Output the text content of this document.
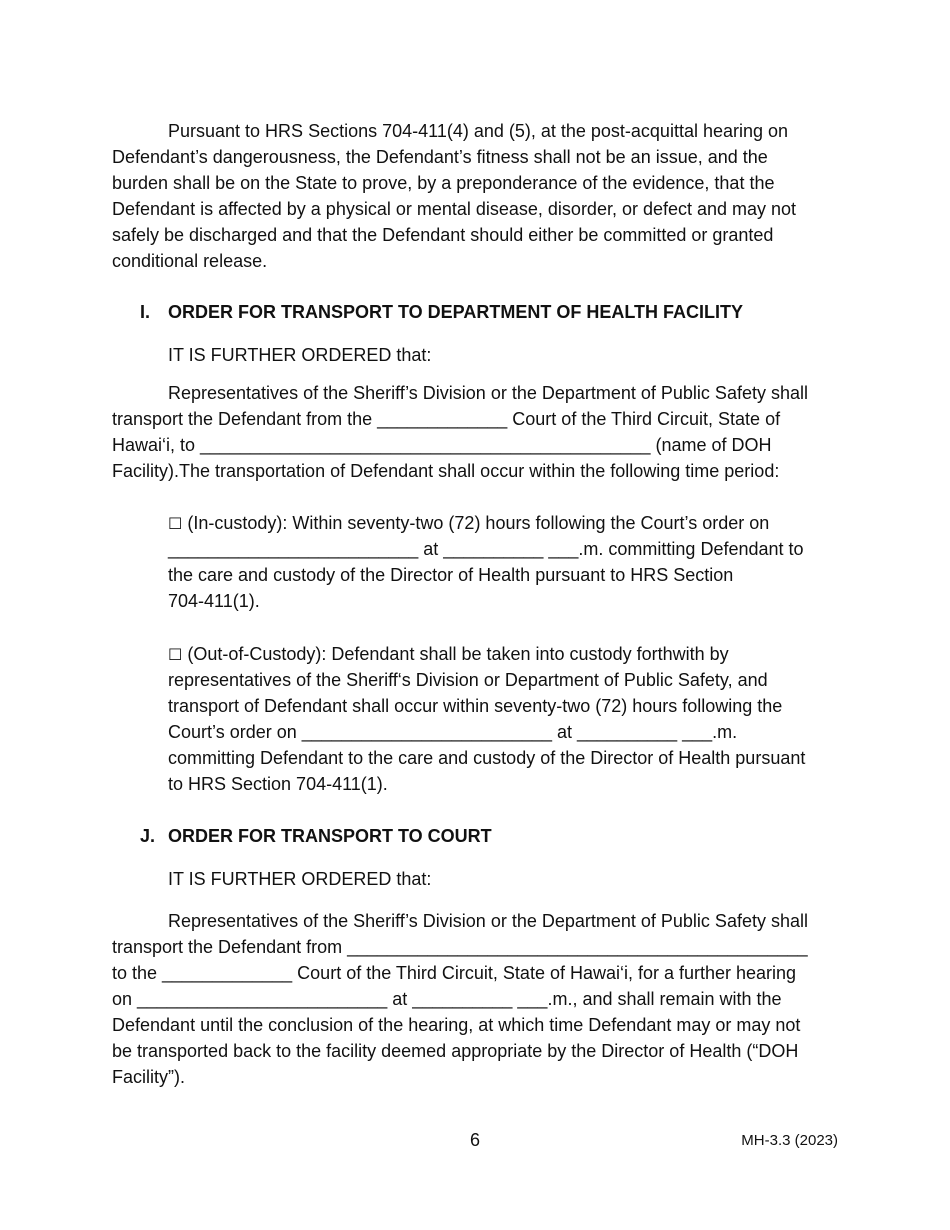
Pursuant to HRS Sections 704-411(4) and (5), at the post-acquittal hearing on
Defendant’s dangerousness, the Defendant’s fitness shall not be an issue, and the
burden shall be on the State to prove, by a preponderance of the evidence, that the
Defendant is affected by a physical or mental disease, disorder, or defect and may not
safely be discharged and that the Defendant should either be committed or granted
conditional release.
I. ORDER FOR TRANSPORT TO DEPARTMENT OF HEALTH FACILITY
IT IS FURTHER ORDERED that:
Representatives of the Sheriff’s Division or the Department of Public Safety shall
transport the Defendant from the _____________ Court of the Third Circuit, State of
Hawai‘i, to _____________________________________________ (name of DOH
Facility).The transportation of Defendant shall occur within the following time period:
☐ (In-custody): Within seventy-two (72) hours following the Court’s order on
_________________________ at __________ ___.m. committing Defendant to
the care and custody of the Director of Health pursuant to HRS Section
704-411(1).
☐ (Out-of-Custody): Defendant shall be taken into custody forthwith by
representatives of the Sheriff‘s Division or Department of Public Safety, and
transport of Defendant shall occur within seventy-two (72) hours following the
Court’s order on _________________________ at __________ ___.m.
committing Defendant to the care and custody of the Director of Health pursuant
to HRS Section 704-411(1).
J. ORDER FOR TRANSPORT TO COURT
IT IS FURTHER ORDERED that:
Representatives of the Sheriff’s Division or the Department of Public Safety shall
transport the Defendant from ______________________________________________
to the _____________ Court of the Third Circuit, State of Hawai‘i, for a further hearing
on _________________________ at __________ ___.m., and shall remain with the
Defendant until the conclusion of the hearing, at which time Defendant may or may not
be transported back to the facility deemed appropriate by the Director of Health (“DOH
Facility”).
6	MH-3.3 (2023)
